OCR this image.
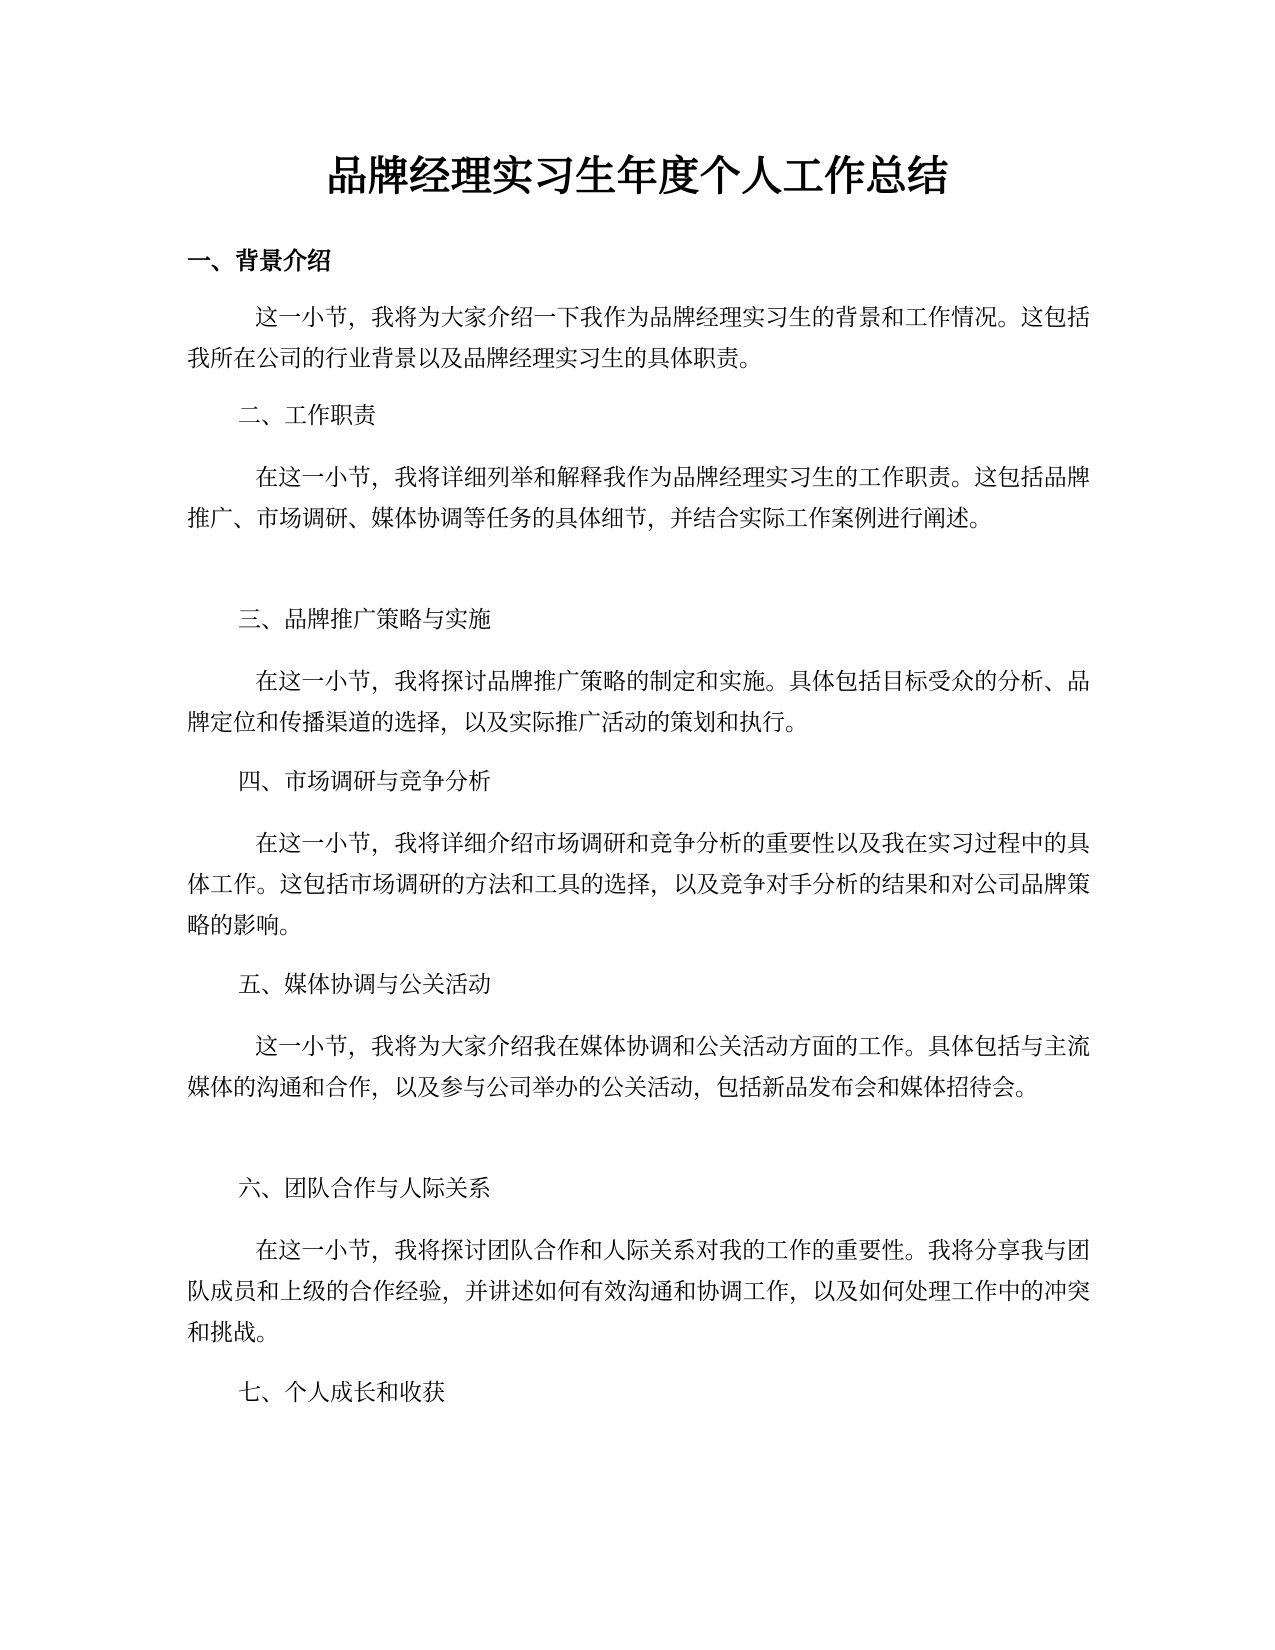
品牌经理实习生年度个人工作总结
一、背景介绍
这一小节，我将为大家介绍一下我作为品牌经理实习生的背景和工作情况。这包括我所在公司的行业背景以及品牌经理实习生的具体职责。
二、工作职责
在这一小节，我将详细列举和解释我作为品牌经理实习生的工作职责。这包括品牌推广、市场调研、媒体协调等任务的具体细节，并结合实际工作案例进行阐述。
三、品牌推广策略与实施
在这一小节，我将探讨品牌推广策略的制定和实施。具体包括目标受众的分析、品牌定位和传播渠道的选择，以及实际推广活动的策划和执行。
四、市场调研与竞争分析
在这一小节，我将详细介绍市场调研和竞争分析的重要性以及我在实习过程中的具体工作。这包括市场调研的方法和工具的选择，以及竞争对手分析的结果和对公司品牌策略的影响。
五、媒体协调与公关活动
这一小节，我将为大家介绍我在媒体协调和公关活动方面的工作。具体包括与主流媒体的沟通和合作，以及参与公司举办的公关活动，包括新品发布会和媒体招待会。
六、团队合作与人际关系
在这一小节，我将探讨团队合作和人际关系对我的工作的重要性。我将分享我与团队成员和上级的合作经验，并讲述如何有效沟通和协调工作，以及如何处理工作中的冲突和挑战。
七、个人成长和收获
